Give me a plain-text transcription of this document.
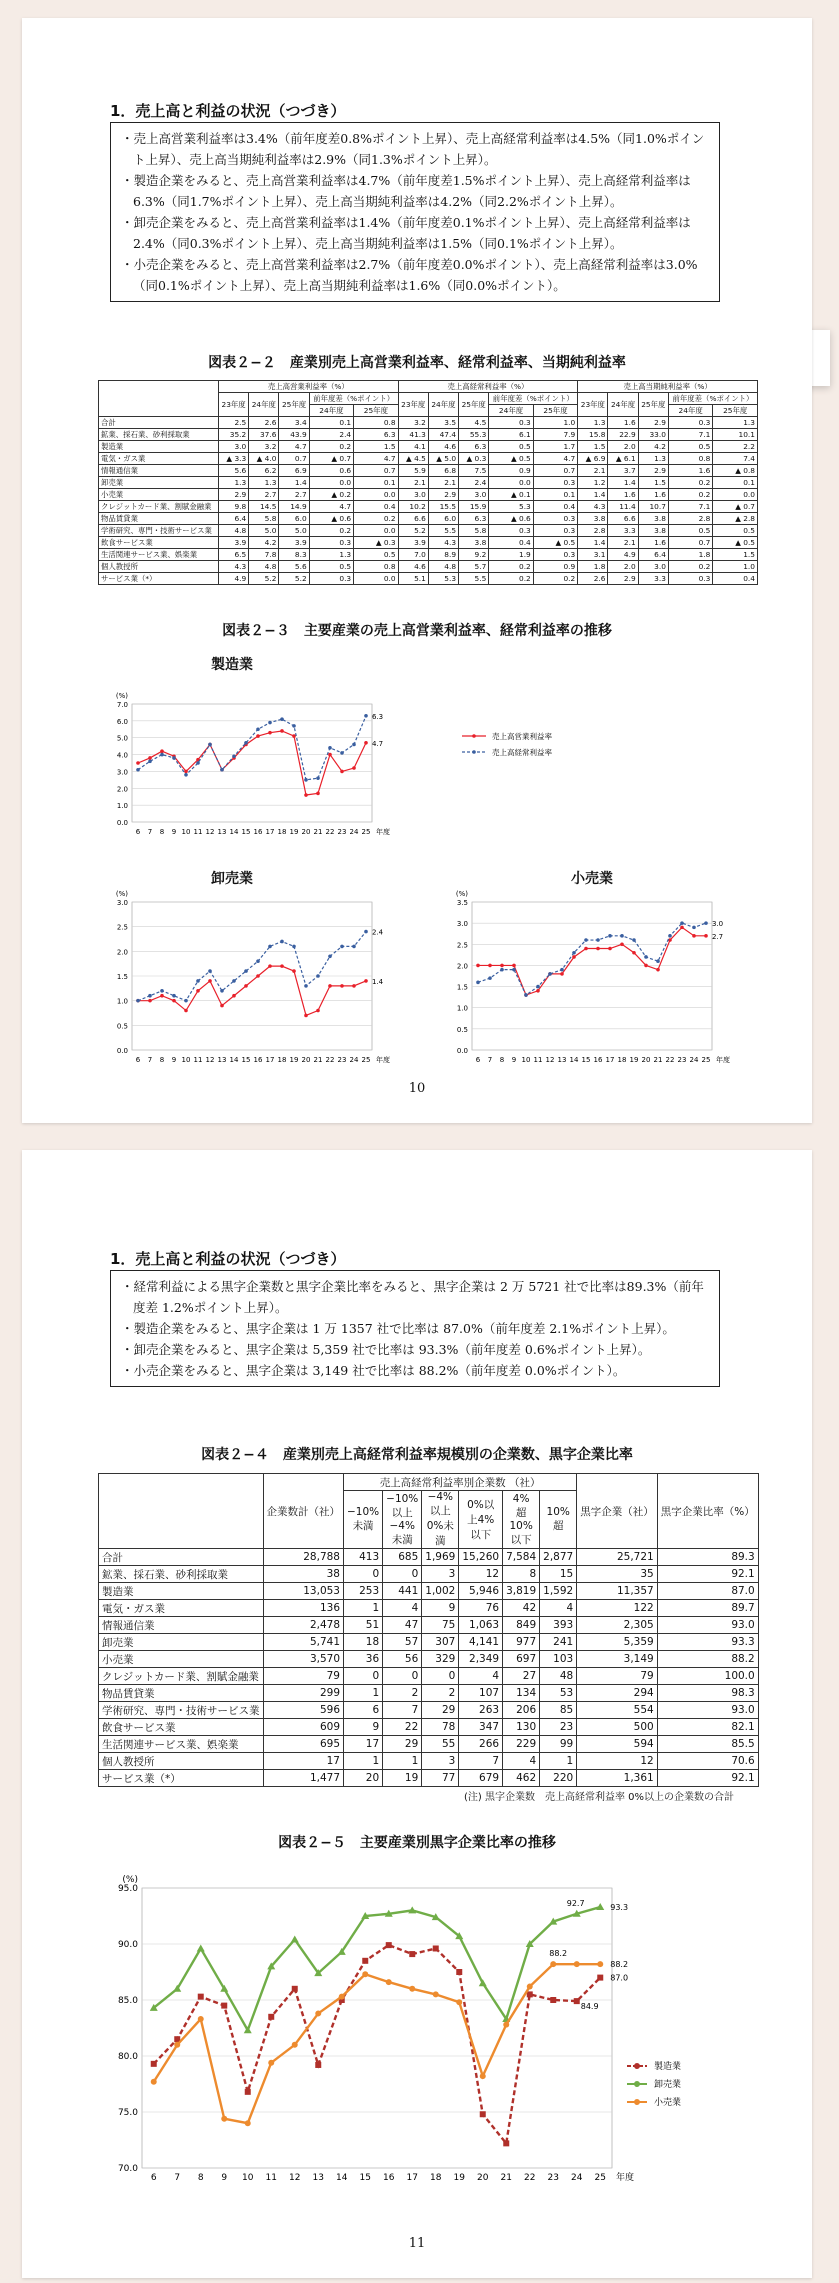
1．売上高と利益の状況（つづき）

・売上高営業利益率は3.4%（前年度差0.8%ポイント上昇）、売上高経常利益率は4.5%（同1.0%ポイント上昇）、売上高当期純利益率は2.9%（同1.3%ポイント上昇）。

・製造企業をみると、売上高営業利益率は4.7%（前年度差1.5%ポイント上昇）、売上高経常利益率は6.3%（同1.7%ポイント上昇）、売上高当期純利益率は4.2%（同2.2%ポイント上昇）。

・卸売企業をみると、売上高営業利益率は1.4%（前年度差0.1%ポイント上昇）、売上高経常利益率は2.4%（同0.3%ポイント上昇）、売上高当期純利益率は1.5%（同0.1%ポイント上昇）。

・小売企業をみると、売上高営業利益率は2.7%（前年度差0.0%ポイント）、売上高経常利益率は3.0%（同0.1%ポイント上昇）、売上高当期純利益率は1.6%（同0.0%ポイント）。

図表２−２　産業別売上高営業利益率、経常利益率、当期純利益率
	売上高営業利益率（%）					売上高経常利益率（%）					売上高当期純利益率（%）				
	23年度	24年度	25年度	前年度差（%ポイント）		23年度	24年度	25年度	前年度差（%ポイント）		23年度	24年度	25年度	前年度差（%ポイント）	
				24年度	25年度				24年度	25年度				24年度	25年度
合計	2.5	2.6	3.4	0.1	0.8	3.2	3.5	4.5	0.3	1.0	1.3	1.6	2.9	0.3	1.3
鉱業、採石業、砂利採取業	35.2	37.6	43.9	2.4	6.3	41.3	47.4	55.3	6.1	7.9	15.8	22.9	33.0	7.1	10.1
製造業	3.0	3.2	4.7	0.2	1.5	4.1	4.6	6.3	0.5	1.7	1.5	2.0	4.2	0.5	2.2
電気・ガス業	▲ 3.3	▲ 4.0	0.7	▲ 0.7	4.7	▲ 4.5	▲ 5.0	▲ 0.3	▲ 0.5	4.7	▲ 6.9	▲ 6.1	1.3	0.8	7.4
情報通信業	5.6	6.2	6.9	0.6	0.7	5.9	6.8	7.5	0.9	0.7	2.1	3.7	2.9	1.6	▲ 0.8
卸売業	1.3	1.3	1.4	0.0	0.1	2.1	2.1	2.4	0.0	0.3	1.2	1.4	1.5	0.2	0.1
小売業	2.9	2.7	2.7	▲ 0.2	0.0	3.0	2.9	3.0	▲ 0.1	0.1	1.4	1.6	1.6	0.2	0.0
クレジットカード業、割賦金融業	9.8	14.5	14.9	4.7	0.4	10.2	15.5	15.9	5.3	0.4	4.3	11.4	10.7	7.1	▲ 0.7
物品賃貸業	6.4	5.8	6.0	▲ 0.6	0.2	6.6	6.0	6.3	▲ 0.6	0.3	3.8	6.6	3.8	2.8	▲ 2.8
学術研究、専門・技術サービス業	4.8	5.0	5.0	0.2	0.0	5.2	5.5	5.8	0.3	0.3	2.8	3.3	3.8	0.5	0.5
飲食サービス業	3.9	4.2	3.9	0.3	▲ 0.3	3.9	4.3	3.8	0.4	▲ 0.5	1.4	2.1	1.6	0.7	▲ 0.5
生活関連サービス業、娯楽業	6.5	7.8	8.3	1.3	0.5	7.0	8.9	9.2	1.9	0.3	3.1	4.9	6.4	1.8	1.5
個人教授所	4.3	4.8	5.6	0.5	0.8	4.6	4.8	5.7	0.2	0.9	1.8	2.0	3.0	0.2	1.0
サービス業（*）	4.9	5.2	5.2	0.3	0.0	5.1	5.3	5.5	0.2	0.2	2.6	2.9	3.3	0.3	0.4
図表２−３　主要産業の売上高営業利益率、経常利益率の推移
製造業
0.0
1.0
2.0
3.0
4.0
5.0
6.0
7.0
6 7 8 9 10 11 12 13 14 15 16 17 18 19 20 21 22 23 24 25
(%)
年度
4.7
6.3
売上高営業利益率
売上高経常利益率
卸売業
0.0
0.5
1.0
1.5
2.0
2.5
3.0
6 7 8 9 10 11 12 13 14 15 16 17 18 19 20 21 22 23 24 25
(%)
年度
1.4
2.4
小売業
0.0
0.5
1.0
1.5
2.0
2.5
3.0
3.5
6 7 8 9 10 11 12 13 14 15 16 17 18 19 20 21 22 23 24 25
(%)
年度
2.7
3.0
10
1．売上高と利益の状況（つづき）

・経常利益による黒字企業数と黒字企業比率をみると、黒字企業は 2 万 5721 社で比率は89.3%（前年度差 1.2%ポイント上昇）。

・製造企業をみると、黒字企業は 1 万 1357 社で比率は 87.0%（前年度差 2.1%ポイント上昇）。

・卸売企業をみると、黒字企業は 5,359 社で比率は 93.3%（前年度差 0.6%ポイント上昇）。

・小売企業をみると、黒字企業は 3,149 社で比率は 88.2%（前年度差 0.0%ポイント）。

図表２−４　産業別売上高経常利益率規模別の企業数、黒字企業比率
	企業数計（社）	売上高経常利益率別企業数 （社）						黒字企業（社）	黒字企業比率（%）
		−10%未満	−10%以上−4%未満	−4%以上0%未満	0%以上4%以下	4% 超10%以下	10% 超		
合計	28,788	413	685	1,969	15,260	7,584	2,877	25,721	89.3
鉱業、採石業、砂利採取業	38	0	0	3	12	8	15	35	92.1
製造業	13,053	253	441	1,002	5,946	3,819	1,592	11,357	87.0
電気・ガス業	136	1	4	9	76	42	4	122	89.7
情報通信業	2,478	51	47	75	1,063	849	393	2,305	93.0
卸売業	5,741	18	57	307	4,141	977	241	5,359	93.3
小売業	3,570	36	56	329	2,349	697	103	3,149	88.2
クレジットカード業、割賦金融業	79	0	0	0	4	27	48	79	100.0
物品賃貸業	299	1	2	2	107	134	53	294	98.3
学術研究、専門・技術サービス業	596	6	7	29	263	206	85	554	93.0
飲食サービス業	609	9	22	78	347	130	23	500	82.1
生活関連サービス業、娯楽業	695	17	29	55	266	229	99	594	85.5
個人教授所	17	1	1	3	7	4	1	12	70.6
サービス業（*）	1,477	20	19	77	679	462	220	1,361	92.1
(注) 黒字企業数　売上高経常利益率 0%以上の企業数の合計
図表２−５　主要産業別黒字企業比率の推移
70.0
75.0
80.0
85.0
90.0
95.0
6 7 8 9 10 11 12 13 14 15 16 17 18 19 20 21 22 23 24 25
(%)
年度
製造業
卸売業
小売業
92.7	93.3
88.2
88.2
87.0
84.9
11
